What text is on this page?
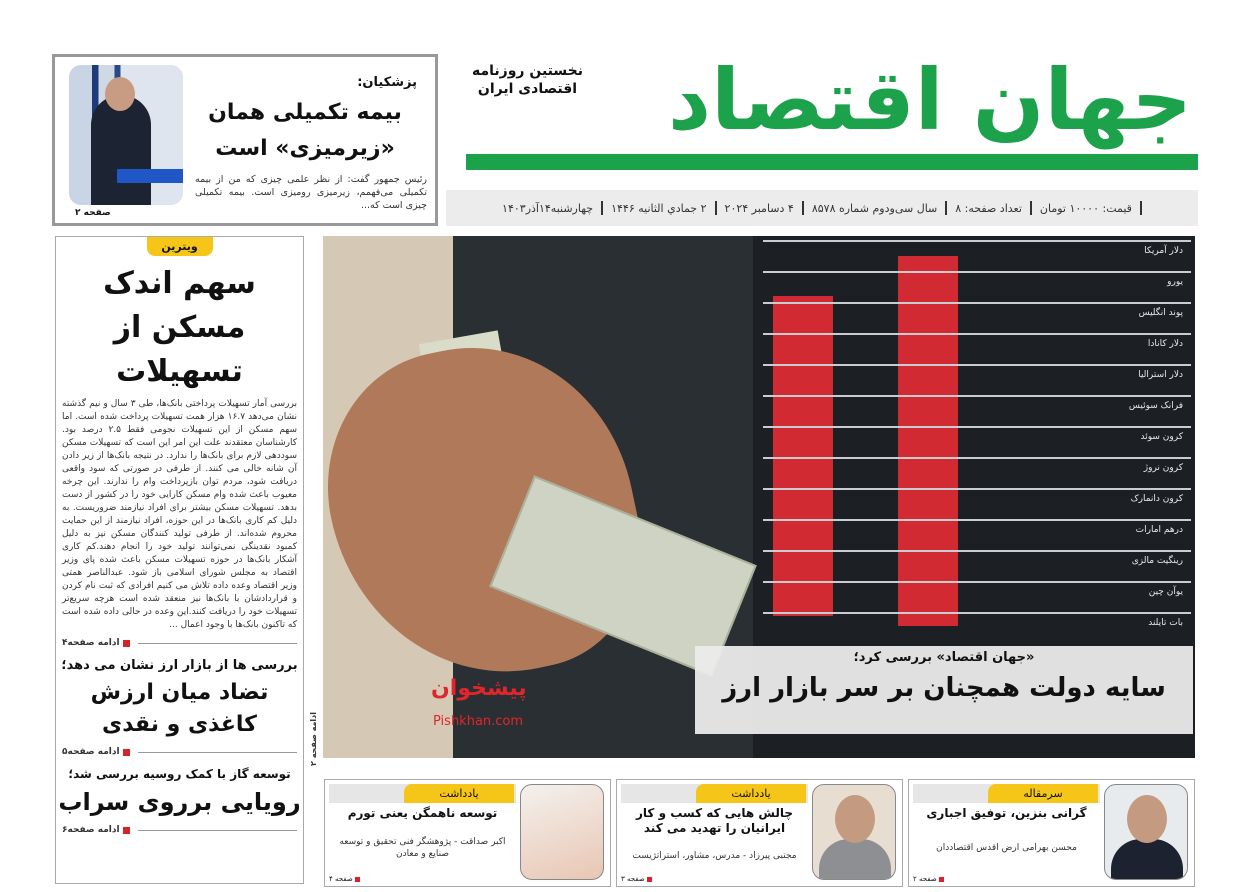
نخستین روزنامه
اقتصادی ایران جهان اقتصاد
چهارشنبه۱۴آذر۱۴۰۳ ۲ جمادي الثانيه ۱۴۴۶ ۴ دسامبر ۲۰۲۴ سال سی‌ودوم شماره ۸۵۷۸ تعداد صفحه: ۸ قیمت: ۱۰۰۰۰ تومان
پزشکیان:
بیمه تکمیلی همان «زیرمیزی» است
رئیس جمهور گفت: از نظر علمی چیزی که من از بیمه تکمیلی می‌فهمم، زیرمیزی رومیزی است. بیمه تکمیلی چیزی است که...
صفحه ۲
ویترین
سهم اندک مسکن از تسهیلات
بررسی آمار تسهیلات پرداختی بانک‌ها، طی ۳ سال و نیم گذشته نشان می‌دهد ۱۶.۷ هزار همت تسهیلات پرداخت شده است. اما سهم مسکن از این تسهیلات نجومی فقط ۲.۵ درصد بود. کارشناسان معتقدند علت این امر این است که تسهیلات مسکن سوددهی لازم برای بانک‌ها را ندارد. در نتیجه بانک‌ها از زیر دادن آن شانه خالی می کنند. از طرفی در صورتی که سود واقعی دریافت شود، مردم توان بازپرداخت وام را ندارند. این چرخه معیوب باعث شده وام مسکن کارایی خود را در کشور از دست بدهد. تسهیلات مسکن بیشتر برای افراد نیازمند ضروریست. به دلیل کم کاری بانک‌ها در این حوزه، افراد نیازمند از این حمایت محروم شده‌اند. از طرفی تولید کنندگان مسکن نیز به دلیل کمبود نقدینگی نمی‌توانند تولید خود را انجام دهند.کم کاری آشکار بانک‌ها در حوزه تسهیلات مسکن باعث شده پای وزیر اقتصاد به مجلس شورای اسلامی باز شود. عبدالناصر همتی وزیر اقتصاد وعده داده تلاش می کنیم افرادی که ثبت نام کردن و قراردادشان با بانک‌ها نیز منعقد شده است هرچه سریع‌تر تسهیلات خود را دریافت کنند.این وعده در حالی داده شده است که تاکنون بانک‌ها با وجود اعمال ...
ادامه صفحه۴
بررسی ها از بازار ارز نشان می دهد؛
تضاد میان ارزش کاغذی و نقدی
ادامه صفحه۵
توسعه گاز با کمک روسیه بررسی شد؛
رویایی برروی سراب
ادامه صفحه۶
ادامه صفحه ۲
دلار آمریکا
یورو
پوند انگلیس
دلار کانادا
دلار استرالیا
فرانک سوئیس
کرون سوئد
کرون نروژ
کرون دانمارک
درهم امارات
رینگیت مالزی
یوآن چین
بات تایلند
پیشخوان
Pishkhan.com
«جهان اقتصاد» بررسی کرد؛
سایه دولت همچنان بر سر بازار ارز
سرمقاله
گرانی بنزین، توفیق اجباری
محسن بهرامی ارض اقدس اقتصاددان
صفحه ۲
یادداشت
چالش هایی که کسب و کار ایرانیان را تهدید می کند
مجتبی پیرزاد - مدرس، مشاور، استراتژیست
صفحه ۳
یادداشت
توسعه ناهمگن یعنی تورم
اکبر صداقت - پژوهشگر فنی تحقیق و توسعه صنایع و معادن
صفحه ۴
